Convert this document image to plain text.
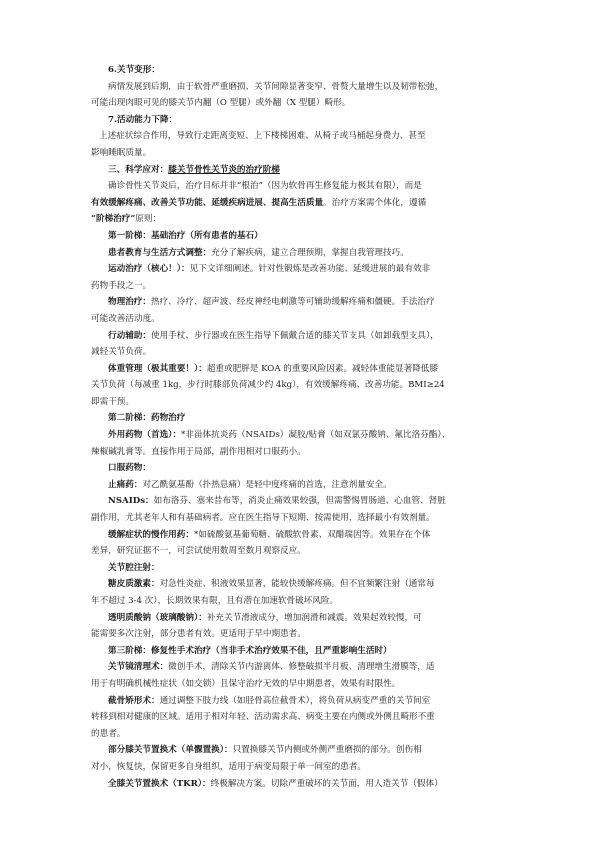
6.关节变形：
病情发展到后期，由于软骨严重磨损、关节间隙显著变窄、骨赘大量增生以及韧带松弛，
可能出现肉眼可见的膝关节内翻（O 型腿）或外翻（X 型腿）畸形。
7.活动能力下降：
上述症状综合作用，导致行走距离变短、上下楼梯困难、从椅子或马桶起身费力、甚至
影响睡眠质量。
三、科学应对：膝关节骨性关节炎的治疗阶梯
确诊骨性关节炎后，治疗目标并非“根治”（因为软骨再生修复能力极其有限），而是
有效缓解疼痛、改善关节功能、延缓疾病进展、提高生活质量。治疗方案需个体化，遵循
“阶梯治疗”原则：
第一阶梯：基础治疗（所有患者的基石）
患者教育与生活方式调整：充分了解疾病，建立合理预期，掌握自我管理技巧。
运动治疗（核心！）：见下文详细阐述。针对性锻炼是改善功能、延缓进展的最有效非
药物手段之一。
物理治疗：热疗、冷疗、超声波、经皮神经电刺激等可辅助缓解疼痛和僵硬。手法治疗
可能改善活动度。
行动辅助：使用手杖、步行器或在医生指导下佩戴合适的膝关节支具（如卸载型支具），
减轻关节负荷。
体重管理（极其重要！）：超重或肥胖是 KOA 的重要风险因素。减轻体重能显著降低膝
关节负荷（每减重 1kg，步行时膝部负荷减少约 4kg），有效缓解疼痛、改善功能。BMI≥24
即需干预。
第二阶梯：药物治疗
外用药物（首选）：*非甾体抗炎药（NSAIDs）凝胶/贴膏（如双氯芬酸钠、氟比洛芬酯）、
辣椒碱乳膏等。直接作用于局部，副作用相对口服药小。
口服药物：
止痛药：对乙酰氨基酚（扑热息痛）是轻中度疼痛的首选，注意剂量安全。
NSAIDs：如布洛芬、塞来昔布等，消炎止痛效果较强，但需警惕胃肠道、心血管、肾脏
副作用，尤其老年人和有基础病者。应在医生指导下短期、按需使用，选择最小有效剂量。
缓解症状的慢作用药：*如硫酸氨基葡萄糖、硫酸软骨素、双醋瑞因等。效果存在个体
差异，研究证据不一，可尝试使用数周至数月观察反应。
关节腔注射：
糖皮质激素：对急性炎症、积液效果显著，能较快缓解疼痛。但不宜频繁注射（通常每
年不超过 3-4 次），长期效果有限，且有潜在加速软骨破坏风险。
透明质酸钠（玻璃酸钠）：补充关节滑液成分，增加润滑和减震。效果起效较慢，可
能需要多次注射，部分患者有效。更适用于早中期患者。
第三阶梯：修复性手术治疗（当非手术治疗效果不佳，且严重影响生活时）
关节镜清理术：微创手术，清除关节内游离体、修整破损半月板、清理增生滑膜等，适
用于有明确机械性症状（如交锁）且保守治疗无效的早中期患者，效果有时限性。
截骨矫形术：通过调整下肢力线（如胫骨高位截骨术），将负荷从病变严重的关节间室
转移到相对健康的区域。适用于相对年轻、活动需求高、病变主要在内侧或外侧且畸形不重
的患者。
部分膝关节置换术（单髁置换）：只置换膝关节内侧或外侧严重磨损的部分。创伤相
对小，恢复快，保留更多自身组织，适用于病变局限于单一间室的患者。
全膝关节置换术（TKR）：终极解决方案。切除严重破坏的关节面，用人造关节（假体）
